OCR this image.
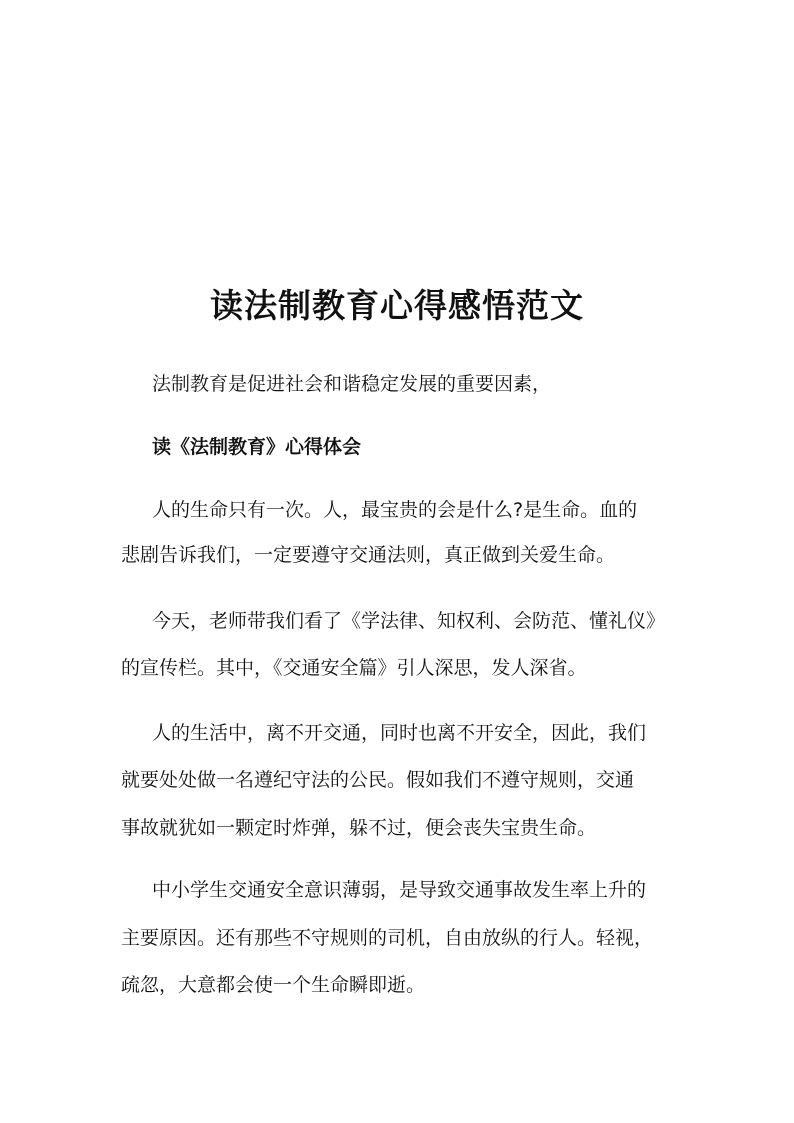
读法制教育心得感悟范文

法制教育是促进社会和谐稳定发展的重要因素，

读《法制教育》心得体会

人的生命只有一次。人，最宝贵的会是什么?是生命。血的

悲剧告诉我们，一定要遵守交通法则，真正做到关爱生命。

今天，老师带我们看了《学法律、知权利、会防范、懂礼仪》

的宣传栏。其中，《交通安全篇》引人深思，发人深省。

人的生活中，离不开交通，同时也离不开安全，因此，我们

就要处处做一名遵纪守法的公民。假如我们不遵守规则，交通

事故就犹如一颗定时炸弹，躲不过，便会丧失宝贵生命。

中小学生交通安全意识薄弱，是导致交通事故发生率上升的

主要原因。还有那些不守规则的司机，自由放纵的行人。轻视，

疏忽，大意都会使一个生命瞬即逝。
